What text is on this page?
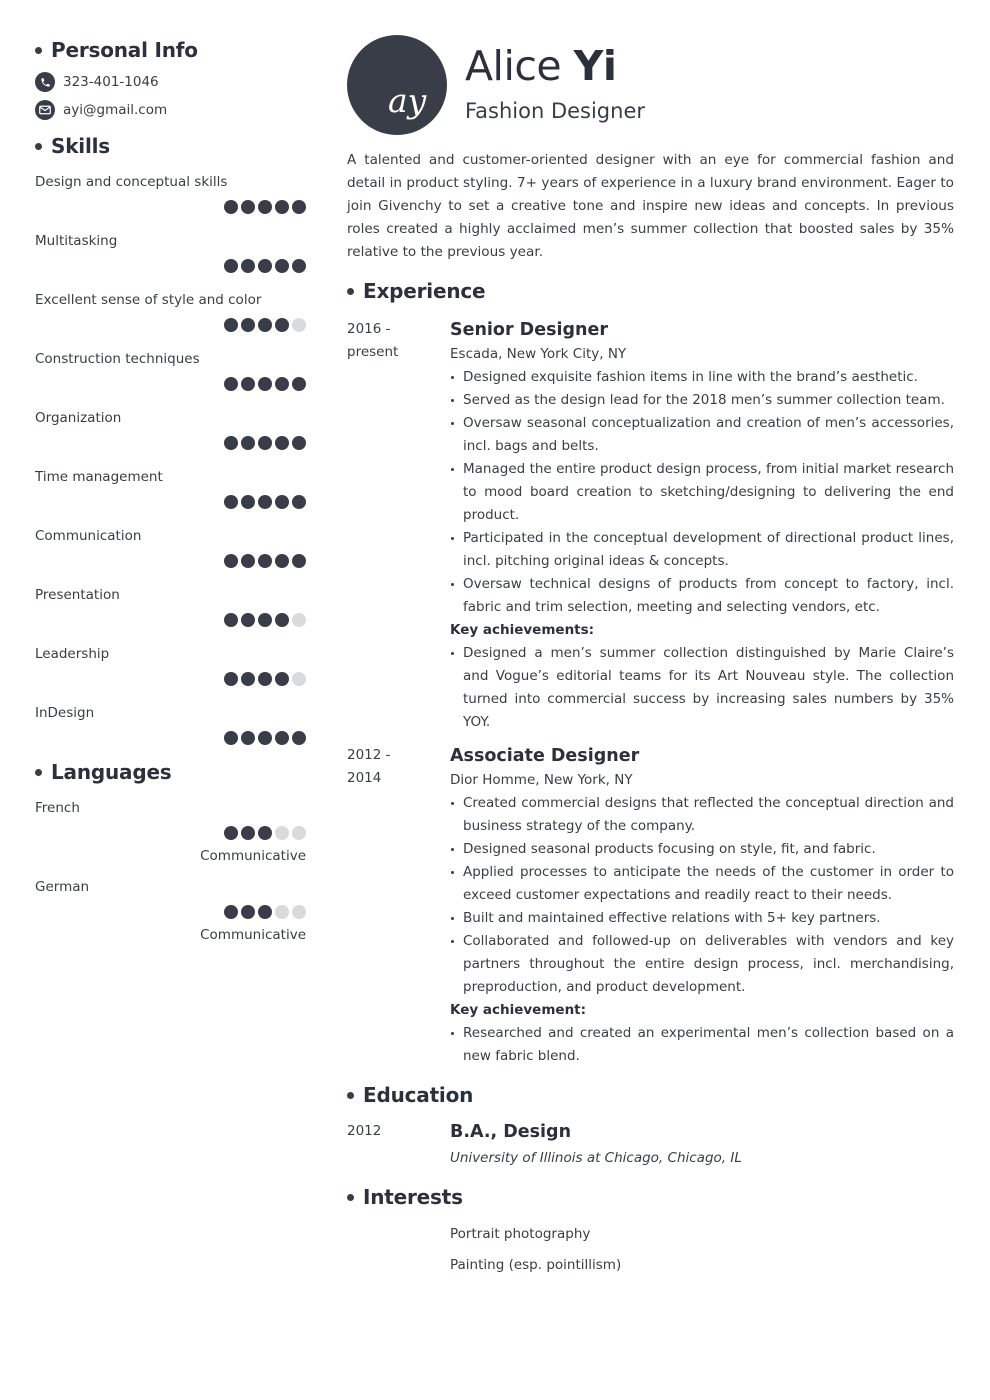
Personal Info
323-401-1046
ayi@gmail.com
Skills
Design and conceptual skills
Multitasking
Excellent sense of style and color
Construction techniques
Organization
Time management
Communication
Presentation
Leadership
InDesign
Languages
French
Communicative
German
Communicative
ay
Alice Yi
Fashion Designer

A talented and customer-oriented designer with an eye for commercial fashion and detail in product styling. 7+ years of experience in a luxury brand environment. Eager to join Givenchy to set a creative tone and inspire new ideas and concepts. In previous roles created a highly acclaimed men’s summer collection that boosted sales by 35% relative to the previous year.

Experience
2016 -
present
Senior Designer
Escada, New York City, NY
Designed exquisite fashion items in line with the brand’s aesthetic.
Served as the design lead for the 2018 men’s summer collection team.
Oversaw seasonal conceptualization and creation of men’s accessories, incl. bags and belts.
Managed the entire product design process, from initial market research to mood board creation to sketching/designing to delivering the end product.
Participated in the conceptual development of directional product lines, incl. pitching original ideas & concepts.
Oversaw technical designs of products from concept to factory, incl. fabric and trim selection, meeting and selecting vendors, etc.
Key achievements:
Designed a men’s summer collection distinguished by Marie Claire’s and Vogue’s editorial teams for its Art Nouveau style. The collection turned into commercial success by increasing sales numbers by 35% YOY.
2012 -
2014
Associate Designer
Dior Homme, New York, NY
Created commercial designs that reflected the conceptual direction and business strategy of the company.
Designed seasonal products focusing on style, fit, and fabric.
Applied processes to anticipate the needs of the customer in order to exceed customer expectations and readily react to their needs.
Built and maintained effective relations with 5+ key partners.
Collaborated and followed-up on deliverables with vendors and key partners throughout the entire design process, incl. merchandising, preproduction, and product development.
Key achievement:
Researched and created an experimental men’s collection based on a new fabric blend.
Education
2012	B.A., Design
University of Illinois at Chicago, Chicago, IL
Interests
Portrait photography
Painting (esp. pointillism)
